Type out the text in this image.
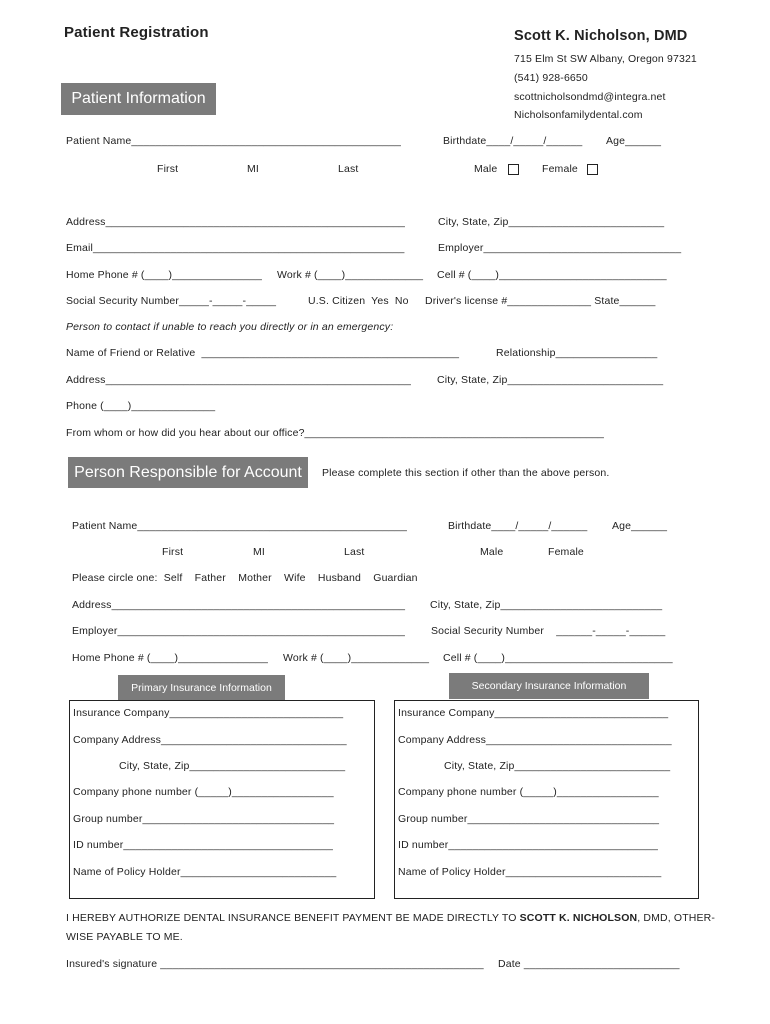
Patient Registration	Scott K. Nicholson, DMD
715 Elm St SW Albany, Oregon 97321
(541) 928-6650
scottnicholsondmd@integra.net
Nicholsonfamilydental.com
Patient Information
Patient Name_____________________________________________	Birthdate____/_____/______ Age______
First	MI	Last	Male	Female
Address__________________________________________________	City, State, Zip__________________________
Email____________________________________________________	Employer_________________________________
Home Phone # (____)_______________ Work # (____)_____________ Cell # (____)____________________________
Social Security Number_____-_____-_____	U.S. Citizen  Yes  No Driver's license #______________ State______
Person to contact if unable to reach you directly or in an emergency:
Name of Friend or Relative  ___________________________________________	Relationship_________________
Address___________________________________________________ City, State, Zip__________________________
Phone (____)______________
From whom or how did you hear about our office?__________________________________________________
Person Responsible for Account	Please complete this section if other than the above person.
Patient Name_____________________________________________	Birthdate____/_____/______ Age______
First	MI	Last	Male	Female
Please circle one:  Self    Father    Mother    Wife    Husband    Guardian
Address_________________________________________________ City, State, Zip___________________________
Employer________________________________________________ Social Security Number    ______-_____-______
Home Phone # (____)_______________ Work # (____)_____________ Cell # (____)____________________________
Primary Insurance Information
Insurance Company_____________________________
Company Address_______________________________
City, State, Zip__________________________
Company phone number (_____)_________________
Group number________________________________
ID number___________________________________
Name of Policy Holder__________________________
Secondary Insurance Information
Insurance Company_____________________________
Company Address_______________________________
City, State, Zip__________________________
Company phone number (_____)_________________
Group number________________________________
ID number___________________________________
Name of Policy Holder__________________________
I HEREBY AUTHORIZE DENTAL INSURANCE BENEFIT PAYMENT BE MADE DIRECTLY TO SCOTT K. NICHOLSON, DMD, OTHER-
WISE PAYABLE TO ME.
Insured's signature ______________________________________________________ Date __________________________
